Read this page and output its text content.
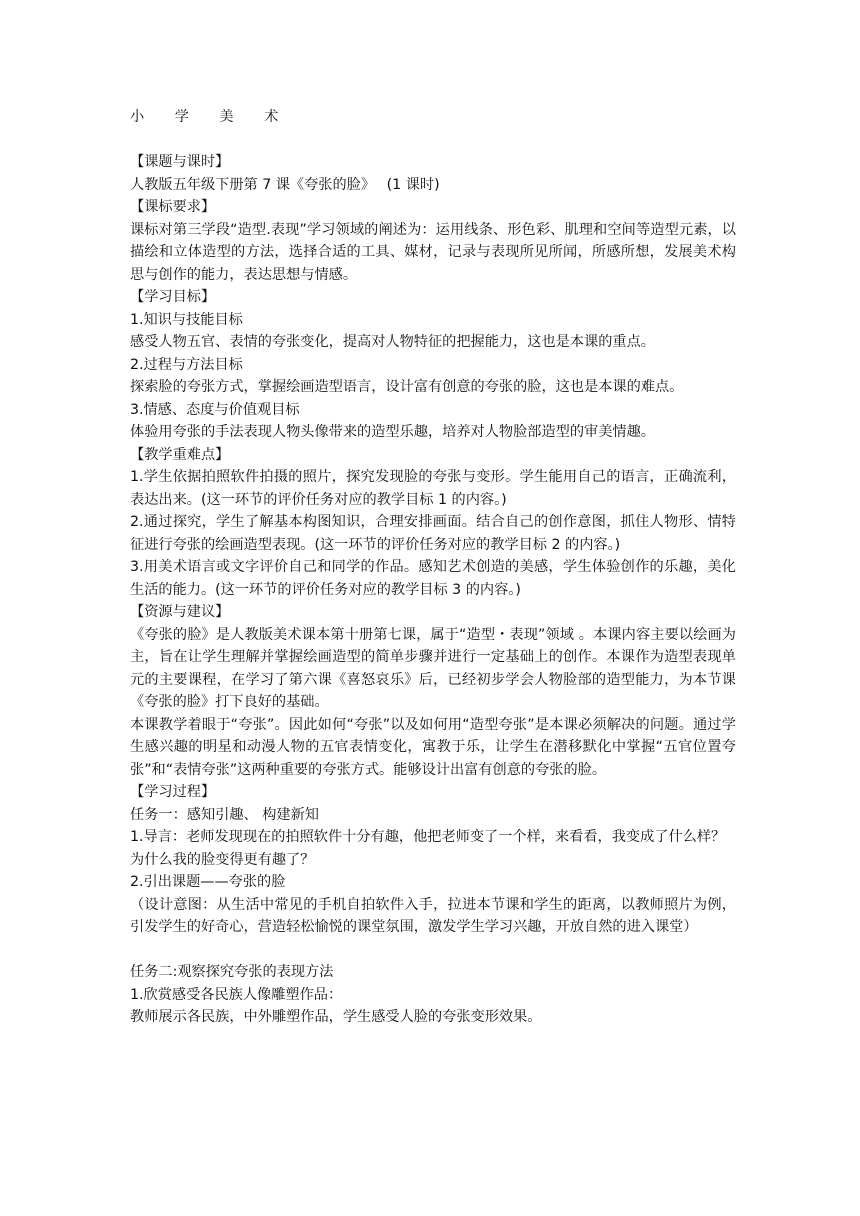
小 学 美 术
【课题与课时】
人教版五年级下册第 7 课《夸张的脸》　 (1 课时)
【课标要求】
课标对第三学段“造型.表现”学习领域的阐述为：运用线条、形色彩、肌理和空间等造型元素，以描绘和立体造型的方法，选择合适的工具、媒材，记录与表现所见所闻，所感所想，发展美术构思与创作的能力，表达思想与情感。
【学习目标】
1.知识与技能目标
感受人物五官、表情的夸张变化，提高对人物特征的把握能力，这也是本课的重点。
2.过程与方法目标
探索脸的夸张方式，掌握绘画造型语言，设计富有创意的夸张的脸，这也是本课的难点。
3.情感、态度与价值观目标
体验用夸张的手法表现人物头像带来的造型乐趣，培养对人物脸部造型的审美情趣。
【教学重难点】
1.学生依据拍照软件拍摄的照片，探究发现脸的夸张与变形。学生能用自己的语言，正确流利，表达出来。(这一环节的评价任务对应的教学目标 1 的内容。)
2.通过探究，学生了解基本构图知识，合理安排画面。结合自己的创作意图，抓住人物形、情特征进行夸张的绘画造型表现。(这一环节的评价任务对应的教学目标 2 的内容。)
3.用美术语言或文字评价自己和同学的作品。感知艺术创造的美感，学生体验创作的乐趣，美化生活的能力。(这一环节的评价任务对应的教学目标 3 的内容。)
【资源与建议】
《夸张的脸》是人教版美术课本第十册第七课，属于“造型・表现”领域 。本课内容主要以绘画为主，旨在让学生理解并掌握绘画造型的简单步骤并进行一定基础上的创作。本课作为造型表现单元的主要课程，在学习了第六课《喜怒哀乐》后，已经初步学会人物脸部的造型能力，为本节课《夸张的脸》打下良好的基础。
本课教学着眼于“夸张”。因此如何“夸张”以及如何用“造型夸张”是本课必须解决的问题。通过学生感兴趣的明星和动漫人物的五官表情变化，寓教于乐，让学生在潜移默化中掌握“五官位置夸张”和“表情夸张”这两种重要的夸张方式。能够设计出富有创意的夸张的脸。
【学习过程】
任务一：感知引趣、 构建新知
1.导言：老师发现现在的拍照软件十分有趣，他把老师变了一个样，来看看，我变成了什么样？
为什么我的脸变得更有趣了？
2.引出课题——夸张的脸
（设计意图：从生活中常见的手机自拍软件入手，拉进本节课和学生的距离，以教师照片为例，引发学生的好奇心，营造轻松愉悦的课堂氛围，激发学生学习兴趣，开放自然的进入课堂）
任务二:观察探究夸张的表现方法
1.欣赏感受各民族人像雕塑作品：
教师展示各民族，中外雕塑作品，学生感受人脸的夸张变形效果。
